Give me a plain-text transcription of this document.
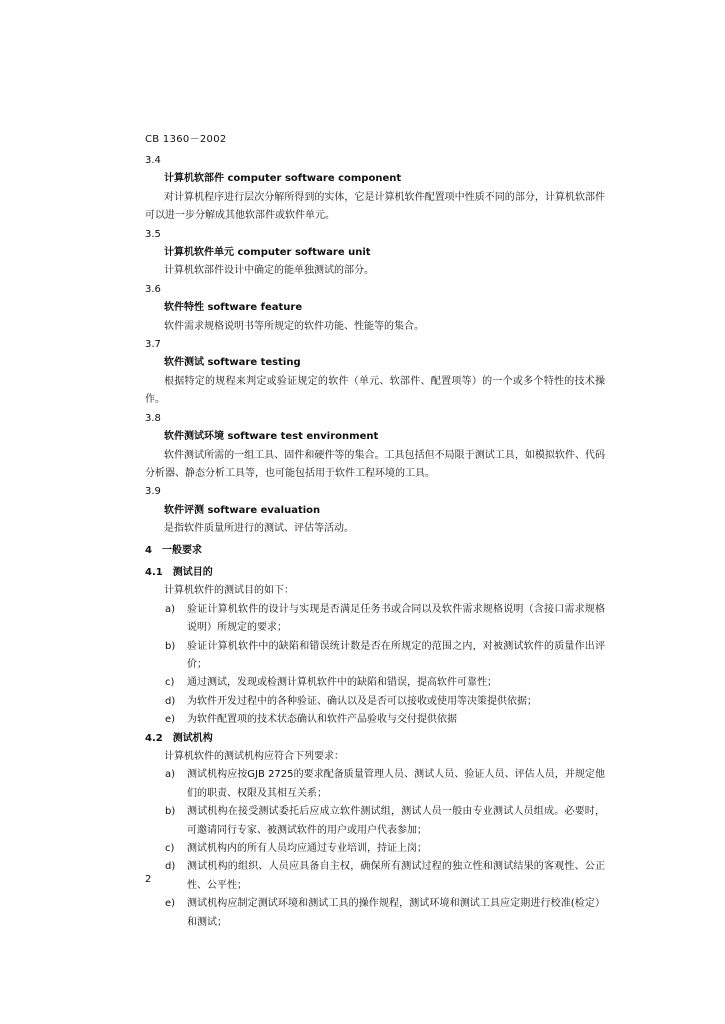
CB 1360－2002

3.4

计算机软部件 computer software component

对计算机程序进行层次分解所得到的实体，它是计算机软件配置项中性质不同的部分，计算机软部件可以进一步分解成其他软部件或软件单元。

3.5

计算机软件单元 computer software unit

计算机软部件设计中确定的能单独测试的部分。

3.6

软件特性 software feature

软件需求规格说明书等所规定的软件功能、性能等的集合。

3.7

软件测试 software testing

根据特定的规程来判定或验证规定的软件（单元、软部件、配置项等）的一个或多个特性的技术操作。

3.8

软件测试环境 software test environment

软件测试所需的一组工具、固件和硬件等的集合。工具包括但不局限于测试工具，如模拟软件、代码分析器、静态分析工具等，也可能包括用于软件工程环境的工具。

3.9

软件评测 software evaluation

是指软件质量所进行的测试、评估等活动。

4　一般要求

4.1　测试目的

计算机软件的测试目的如下：

a) 验证计算机软件的设计与实现是否满足任务书或合同以及软件需求规格说明（含接口需求规格说明）所规定的要求；
b) 验证计算机软件中的缺陷和错误统计数是否在所规定的范围之内，对被测试软件的质量作出评价；
c) 通过测试，发现或检测计算机软件中的缺陷和错误，提高软件可靠性；
d) 为软件开发过程中的各种验证、确认以及是否可以接收或使用等决策提供依据；
e) 为软件配置项的技术状态确认和软件产品验收与交付提供依据

4.2　测试机构

计算机软件的测试机构应符合下列要求：

a) 测试机构应按GJB 2725的要求配备质量管理人员、测试人员、验证人员、评估人员，并规定他们的职责、权限及其相互关系；
b) 测试机构在接受测试委托后应成立软件测试组，测试人员一般由专业测试人员组成。必要时，可邀请同行专家、被测试软件的用户或用户代表参加；
c) 测试机构内的所有人员均应通过专业培训，持证上岗；
d) 测试机构的组织、人员应具备自主权，确保所有测试过程的独立性和测试结果的客观性、公正性、公平性；
e) 测试机构应制定测试环境和测试工具的操作规程，测试环境和测试工具应定期进行校准(检定）和测试；
2
